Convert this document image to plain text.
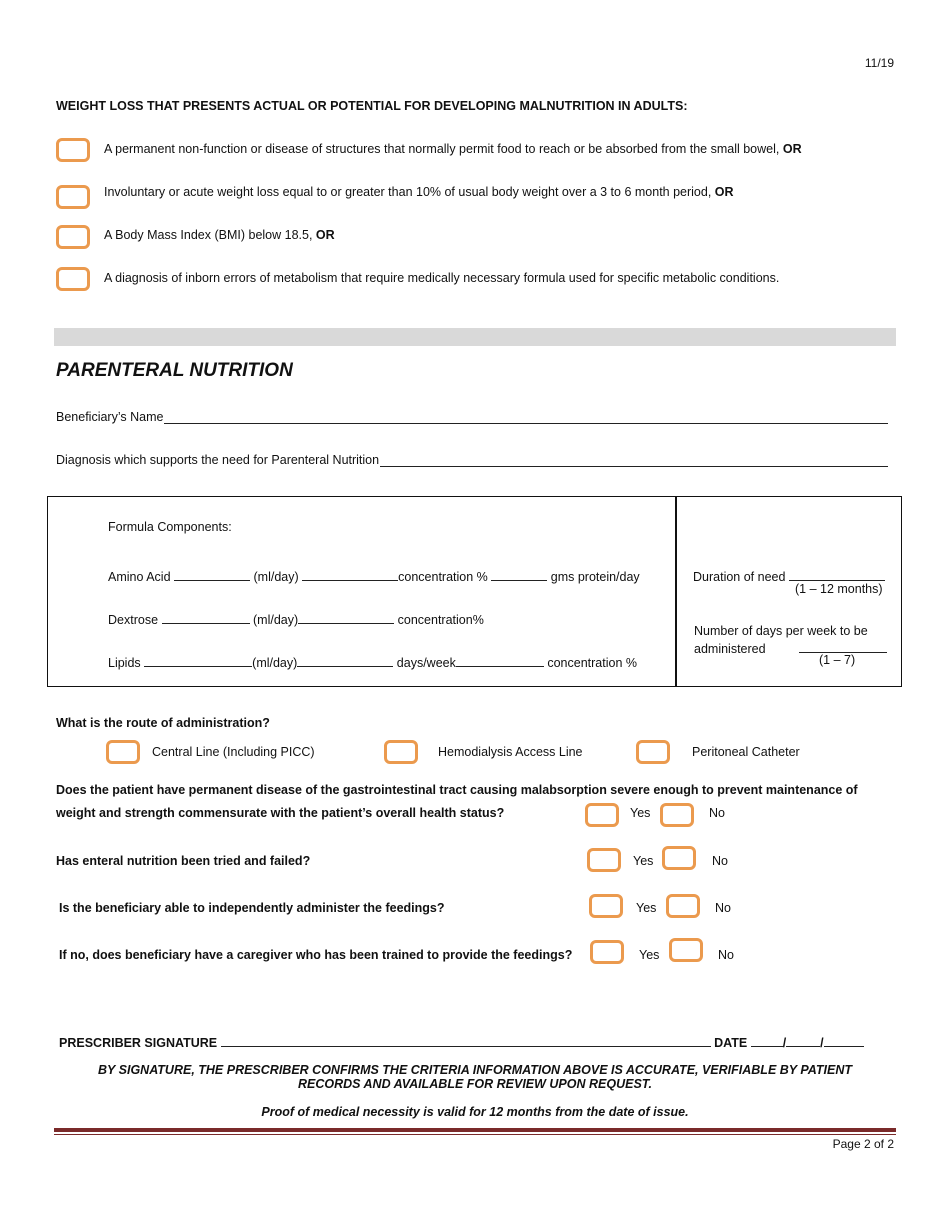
11/19
WEIGHT LOSS THAT PRESENTS ACTUAL OR POTENTIAL FOR DEVELOPING MALNUTRITION IN ADULTS:
A permanent non-function or disease of structures that normally permit food to reach or be absorbed from the small bowel, OR
Involuntary or acute weight loss equal to or greater than 10% of usual body weight over a 3 to 6 month period, OR
A Body Mass Index (BMI) below 18.5, OR
A diagnosis of inborn errors of metabolism that require medically necessary formula used for specific metabolic conditions.
PARENTERAL NUTRITION
Beneficiary’s Name
Diagnosis which supports the need for Parenteral Nutrition
Formula Components:
Amino Acid	(ml/day)	concentration %	gms protein/day
Dextrose	(ml/day)	concentration%
Lipids	(ml/day)	days/week	concentration %
Duration of need
(1 – 12 months)
Number of days per week to be
administered
(1 – 7)
What is the route of administration?
Central Line (Including PICC)	Hemodialysis Access Line	Peritoneal Catheter
Does the patient have permanent disease of the gastrointestinal tract causing malabsorption severe enough to prevent maintenance of
weight and strength commensurate with the patient’s overall health status?	Yes	No
Has enteral nutrition been tried and failed?	Yes	No
Is the beneficiary able to independently administer the feedings?	Yes	No
If no, does beneficiary have a caregiver who has been trained to provide the feedings?	Yes	No
PRESCRIBER SIGNATURE	DATE	/	/
BY SIGNATURE, THE PRESCRIBER CONFIRMS THE CRITERIA INFORMATION ABOVE IS ACCURATE, VERIFIABLE BY PATIENT
RECORDS AND AVAILABLE FOR REVIEW UPON REQUEST.
Proof of medical necessity is valid for 12 months from the date of issue.
Page 2 of 2
